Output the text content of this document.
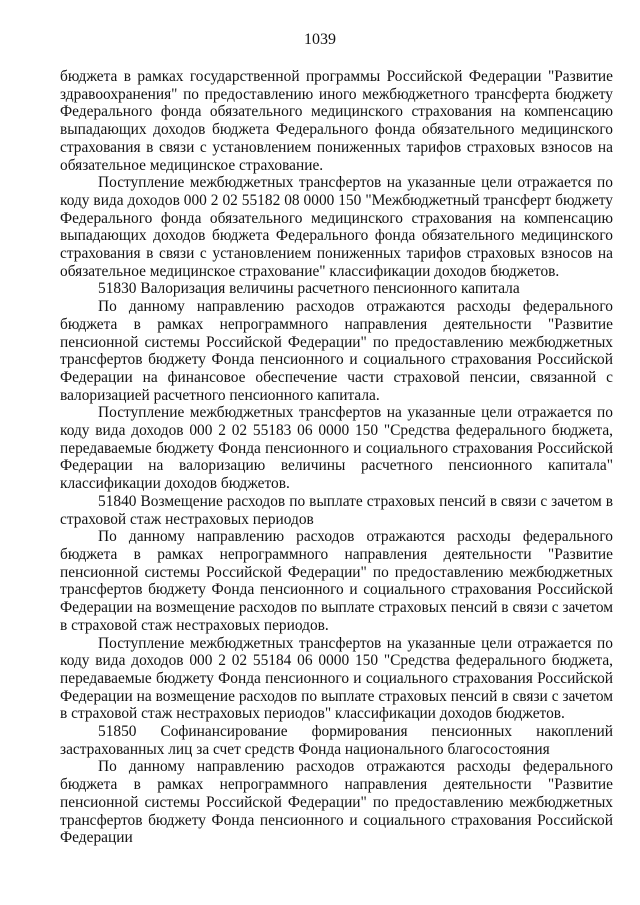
1039

бюджета в рамках государственной программы Российской Федерации "Развитие здравоохранения" по предоставлению иного межбюджетного трансферта бюджету Федерального фонда обязательного медицинского страхования на компенсацию выпадающих доходов бюджета Федерального фонда обязательного медицинского страхования в связи с установлением пониженных тарифов страховых взносов на обязательное медицинское страхование.

Поступление межбюджетных трансфертов на указанные цели отражается по коду вида доходов 000 2 02 55182 08 0000 150 "Межбюджетный трансферт бюджету Федерального фонда обязательного медицинского страхования на компенсацию выпадающих доходов бюджета Федерального фонда обязательного медицинского страхования в связи с установлением пониженных тарифов страховых взносов на обязательное медицинское страхование" классификации доходов бюджетов.

51830 Валоризация величины расчетного пенсионного капитала

По данному направлению расходов отражаются расходы федерального бюджета в рамках непрограммного направления деятельности "Развитие пенсионной системы Российской Федерации" по предоставлению межбюджетных трансфертов бюджету Фонда пенсионного и социального страхования Российской Федерации на финансовое обеспечение части страховой пенсии, связанной с валоризацией расчетного пенсионного капитала.

Поступление межбюджетных трансфертов на указанные цели отражается по коду вида доходов 000 2 02 55183 06 0000 150 "Средства федерального бюджета, передаваемые бюджету Фонда пенсионного и социального страхования Российской Федерации на валоризацию величины расчетного пенсионного капитала" классификации доходов бюджетов.

51840 Возмещение расходов по выплате страховых пенсий в связи с зачетом в страховой стаж нестраховых периодов

По данному направлению расходов отражаются расходы федерального бюджета в рамках непрограммного направления деятельности "Развитие пенсионной системы Российской Федерации" по предоставлению межбюджетных трансфертов бюджету Фонда пенсионного и социального страхования Российской Федерации на возмещение расходов по выплате страховых пенсий в связи с зачетом в страховой стаж нестраховых периодов.

Поступление межбюджетных трансфертов на указанные цели отражается по коду вида доходов 000 2 02 55184 06 0000 150 "Средства федерального бюджета, передаваемые бюджету Фонда пенсионного и социального страхования Российской Федерации на возмещение расходов по выплате страховых пенсий в связи с зачетом в страховой стаж нестраховых периодов" классификации доходов бюджетов.

51850 Софинансирование формирования пенсионных накоплений застрахованных лиц за счет средств Фонда национального благосостояния

По данному направлению расходов отражаются расходы федерального бюджета в рамках непрограммного направления деятельности "Развитие пенсионной системы Российской Федерации" по предоставлению межбюджетных трансфертов бюджету Фонда пенсионного и социального страхования Российской Федерации
